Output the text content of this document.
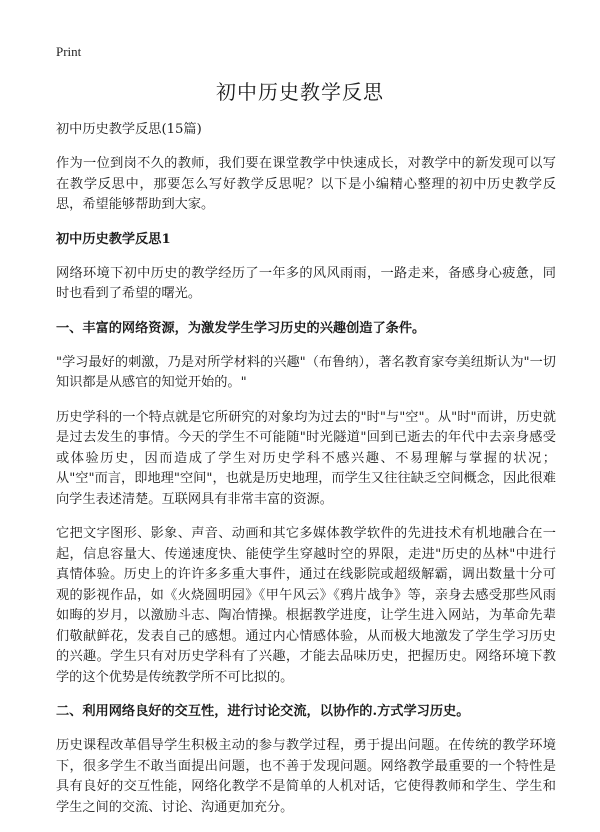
Print
初中历史教学反思

初中历史教学反思(15篇)

作为一位到岗不久的教师，我们要在课堂教学中快速成长，对教学中的新发现可以写在教学反思中，那要怎么写好教学反思呢？以下是小编精心整理的初中历史教学反思，希望能够帮助到大家。

初中历史教学反思1

网络环境下初中历史的教学经历了一年多的风风雨雨，一路走来，备感身心疲惫，同时也看到了希望的曙光。

一、丰富的网络资源，为激发学生学习历史的兴趣创造了条件。

"学习最好的刺激，乃是对所学材料的兴趣"（布鲁纳），著名教育家夸美纽斯认为"一切知识都是从感官的知觉开始的。"

历史学科的一个特点就是它所研究的对象均为过去的"时"与"空"。从"时"而讲，历史就是过去发生的事情。今天的学生不可能随"时光隧道"回到已逝去的年代中去亲身感受或体验历史，因而造成了学生对历史学科不感兴趣、不易理解与掌握的状况；从"空"而言，即地理"空间"，也就是历史地理，而学生又往往缺乏空间概念，因此很难向学生表述清楚。互联网具有非常丰富的资源。

它把文字图形、影象、声音、动画和其它多媒体教学软件的先进技术有机地融合在一起，信息容量大、传递速度快、能使学生穿越时空的界限，走进"历史的丛林"中进行真情体验。历史上的许许多多重大事件，通过在线影院或超级解霸，调出数量十分可观的影视作品，如《火烧圆明园》《甲午风云》《鸦片战争》等，亲身去感受那些风雨如晦的岁月，以激励斗志、陶冶情操。根据教学进度，让学生进入网站，为革命先辈们敬献鲜花，发表自己的感想。通过内心情感体验，从而极大地激发了学生学习历史的兴趣。学生只有对历史学科有了兴趣，才能去品味历史，把握历史。网络环境下教学的这个优势是传统教学所不可比拟的。

二、利用网络良好的交互性，进行讨论交流，以协作的.方式学习历史。

历史课程改革倡导学生积极主动的参与教学过程，勇于提出问题。在传统的教学环境下，很多学生不敢当面提出问题，也不善于发现问题。网络教学最重要的一个特性是具有良好的交互性能，网络化教学不是简单的人机对话，它使得教师和学生、学生和学生之间的交流、讨论、沟通更加充分。
